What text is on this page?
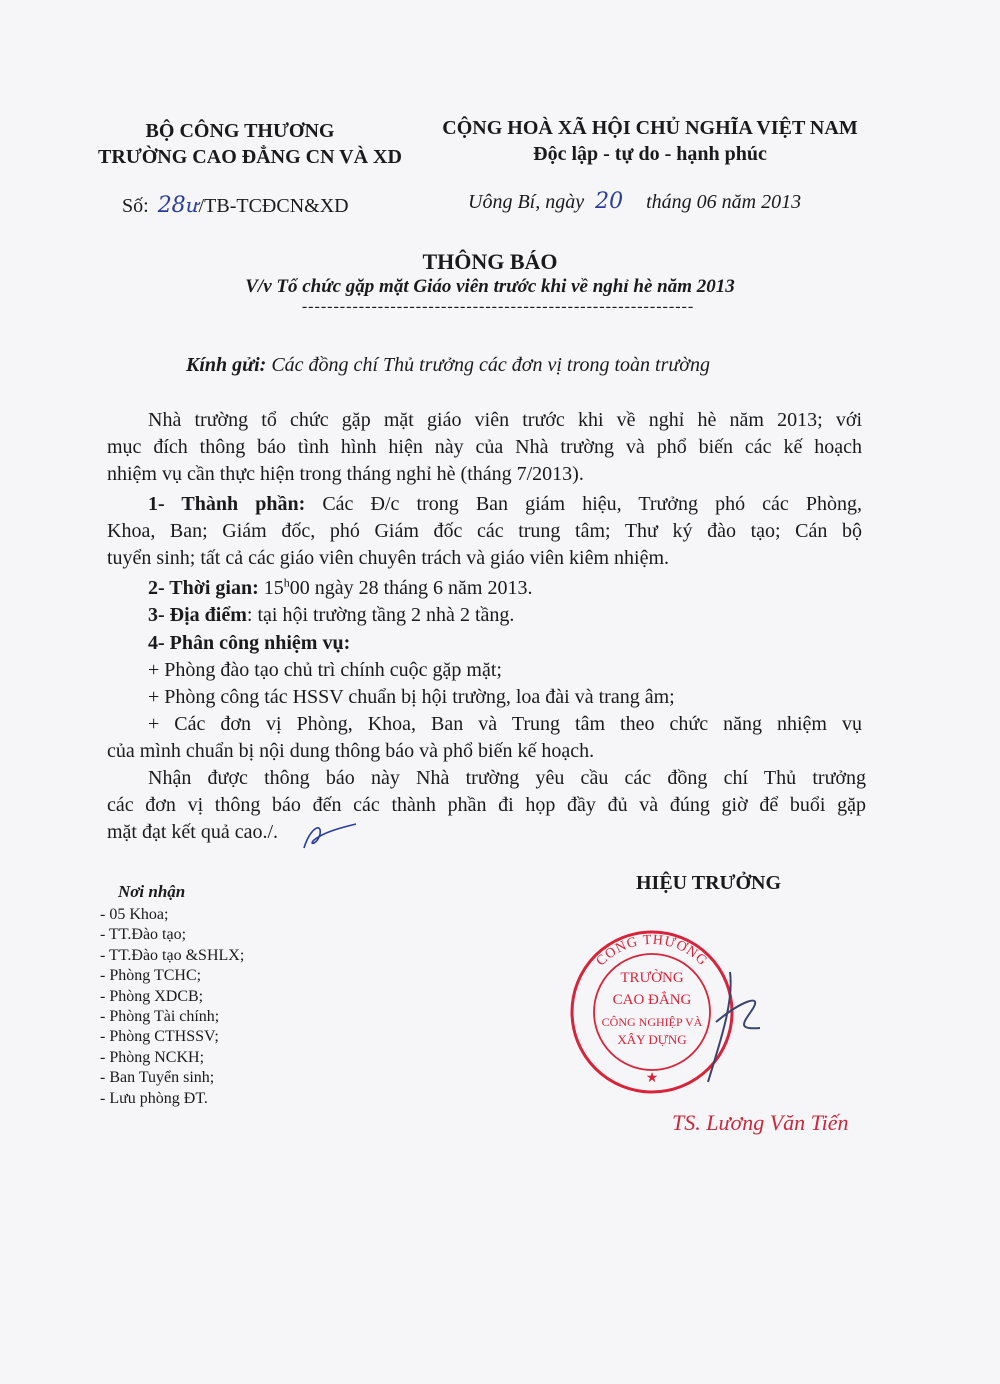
BỘ CÔNG THƯƠNG
TRƯỜNG CAO ĐẲNG CN VÀ XD
CỘNG HOÀ XÃ HỘI CHỦ NGHĨA VIỆT NAM
Độc lập - tự do - hạnh phúc
Số: 28ư/TB-TCĐCN&XD	Uông Bí, ngày 20 tháng 06 năm 2013
THÔNG BÁO
V/v Tổ chức gặp mặt Giáo viên trước khi về nghỉ hè năm 2013
--------------------------------------------------------------
Kính gửi: Các đồng chí Thủ trưởng các đơn vị trong toàn trường
Nhà trường tổ chức gặp mặt giáo viên trước khi về nghỉ hè năm 2013; với
mục đích thông báo tình hình hiện này của Nhà trường và phổ biến các kế hoạch
nhiệm vụ cần thực hiện trong tháng nghỉ hè (tháng 7/2013).
1- Thành phần: Các Đ/c trong Ban giám hiệu, Trưởng phó các Phòng,
Khoa, Ban; Giám đốc, phó Giám đốc các trung tâm; Thư ký đào tạo; Cán bộ
tuyển sinh; tất cả các giáo viên chuyên trách và giáo viên kiêm nhiệm.
2- Thời gian: 15$^h$00 ngày 28 tháng 6 năm 2013.
3- Địa điểm: tại hội trường tầng 2 nhà 2 tầng.
4- Phân công nhiệm vụ:
+ Phòng đào tạo chủ trì chính cuộc gặp mặt;
+ Phòng công tác HSSV chuẩn bị hội trường, loa đài và trang âm;
+ Các đơn vị Phòng, Khoa, Ban và Trung tâm theo chức năng nhiệm vụ
của mình chuẩn bị nội dung thông báo và phổ biến kế hoạch.
Nhận được thông báo này Nhà trường yêu cầu các đồng chí Thủ trưởng
các đơn vị thông báo đến các thành phần đi họp đầy đủ và đúng giờ để buổi gặp
mặt đạt kết quả cao./.
Nơi nhận
- 05 Khoa;
- TT.Đào tạo;
- TT.Đào tạo &SHLX;
- Phòng TCHC;
- Phòng XDCB;
- Phòng Tài chính;
- Phòng CTHSSV;
- Phòng NCKH;
- Ban Tuyển sinh;
- Lưu phòng ĐT.
HIỆU TRƯỞNG
CÔNG THƯƠNG
TRƯỜNG
CAO ĐẲNG
CÔNG NGHIỆP VÀ
XÂY DỰNG
★
TS. Lương Văn Tiến
